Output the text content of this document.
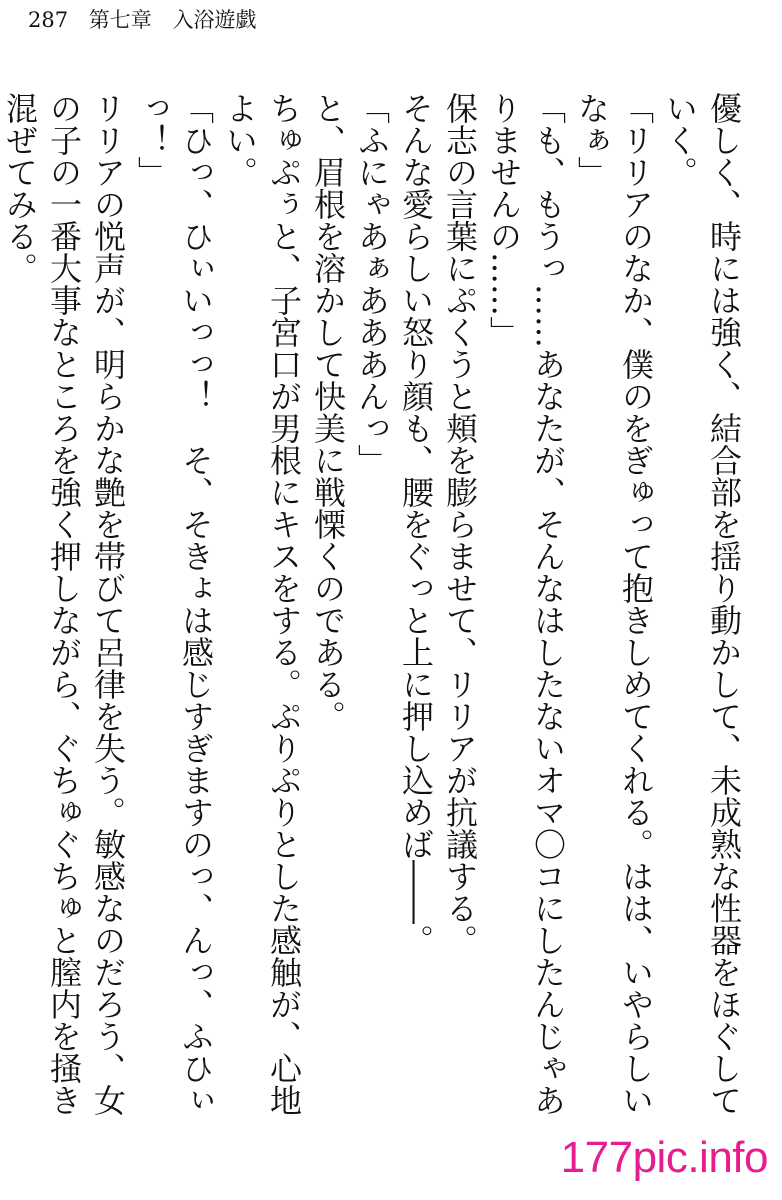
287 第七章 入浴遊戯

優しく、時には強く、結合部を揺り動かして、未成熟な性器をほぐしていく。

「リリアのなか、僕のをぎゅって抱きしめてくれる。はは、いやらしいなぁ」

「も、もうっ……あなたが、そんなはしたないオマ〇コにしたんじゃありませんの……」

保志の言葉にぷくうと頬を膨らませて、リリアが抗議する。

そんな愛らしい怒り顔も、腰をぐっと上に押し込めば――。

「ふにゃあぁあああんっ」

と、眉根を溶かして快美に戦慄くのである。

ちゅぷぅと、子宮口が男根にキスをする。ぷりぷりとした感触が、心地よい。

「ひっ、ひぃいっっ！　そ、そきょは感じすぎますのっ、んっ、ふひぃっ！」

リリアの悦声が、明らかな艶を帯びて呂律を失う。敏感なのだろう、女の子の一番大事なところを強く押しながら、ぐちゅぐちゅと膣内を掻き混ぜてみる。

177pic.info
